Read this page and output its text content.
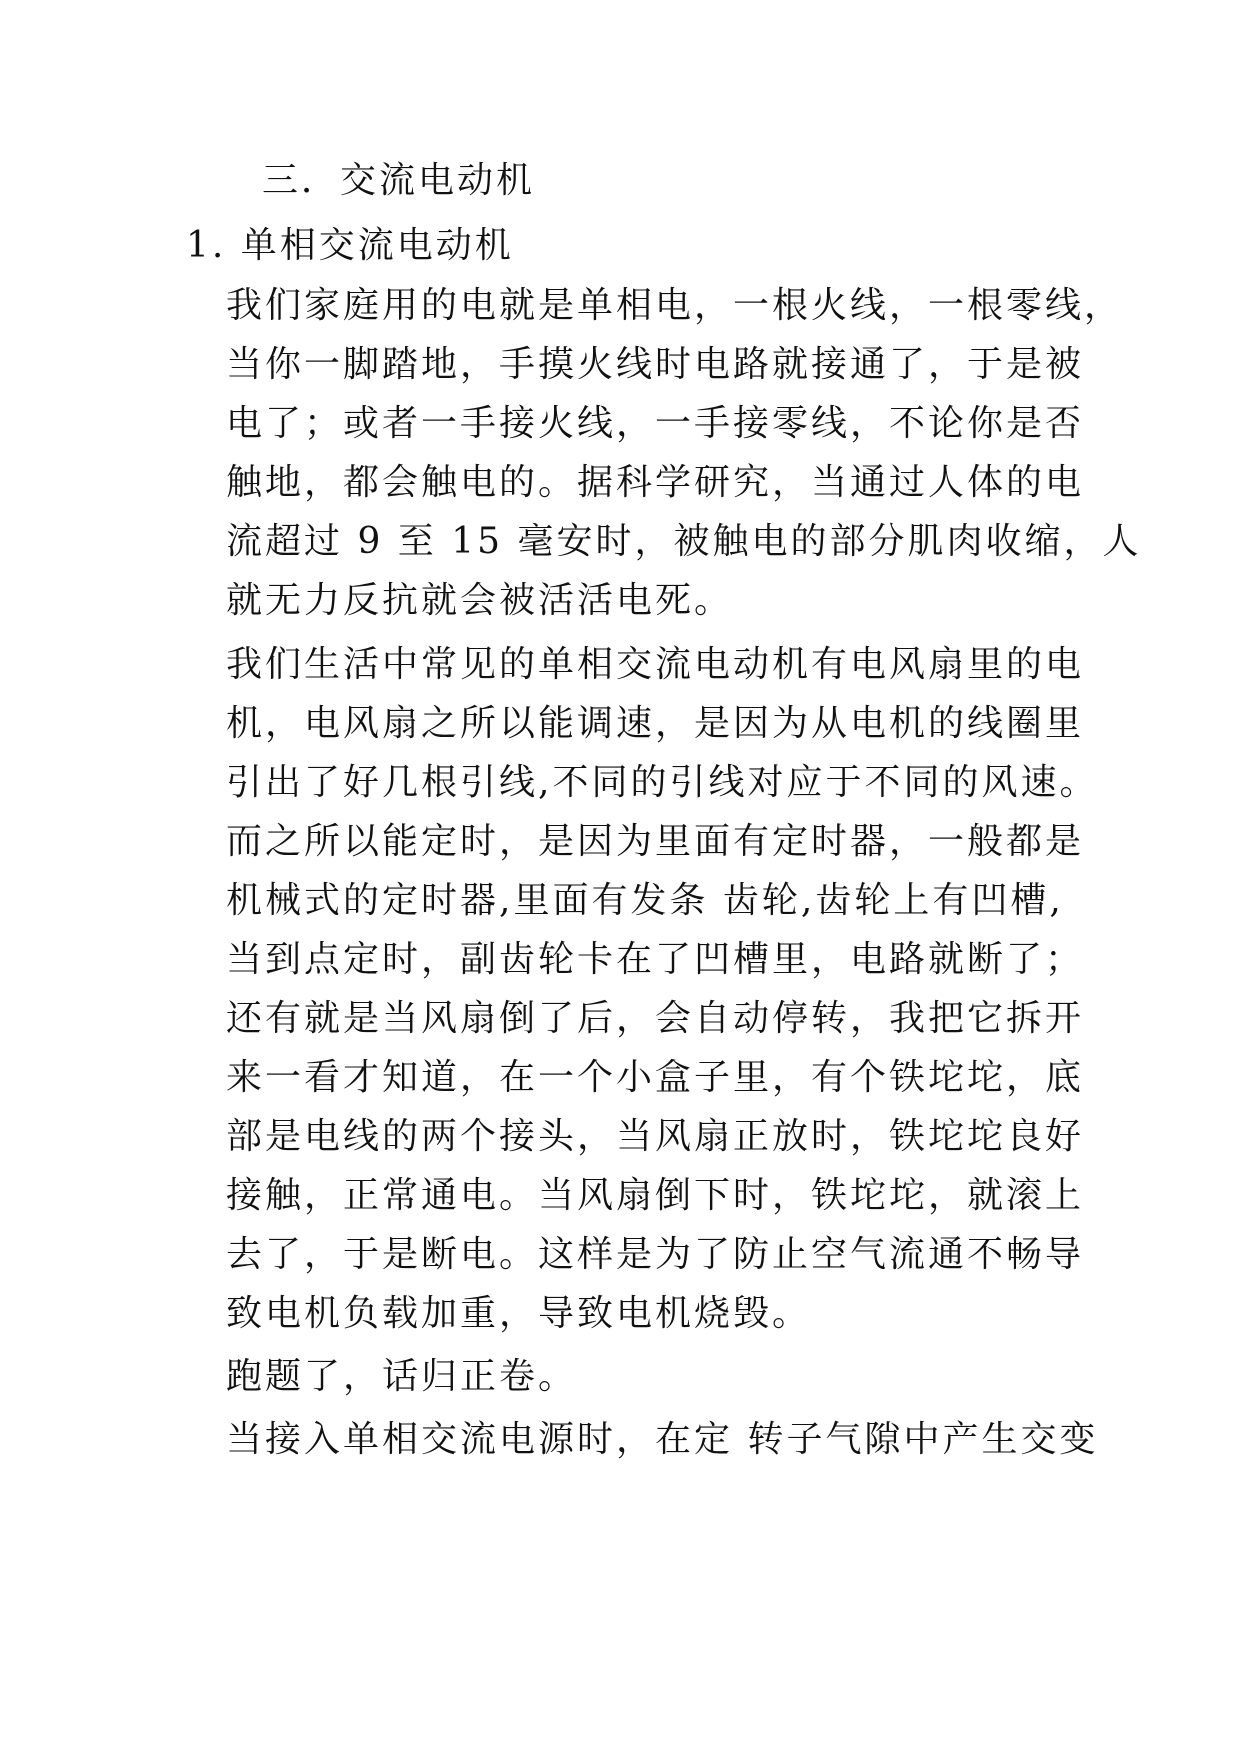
三．交流电动机
1. 单相交流电动机
我们家庭用的电就是单相电，一根火线，一根零线，
当你一脚踏地，手摸火线时电路就接通了，于是被
电了；或者一手接火线，一手接零线，不论你是否
触地，都会触电的。据科学研究，当通过人体的电
流超过 9 至 15 毫安时，被触电的部分肌肉收缩，人
就无力反抗就会被活活电死。
我们生活中常见的单相交流电动机有电风扇里的电
机，电风扇之所以能调速，是因为从电机的线圈里
引出了好几根引线,不同的引线对应于不同的风速。
而之所以能定时，是因为里面有定时器，一般都是
机械式的定时器,里面有发条 齿轮,齿轮上有凹槽,
当到点定时，副齿轮卡在了凹槽里，电路就断了；
还有就是当风扇倒了后，会自动停转，我把它拆开
来一看才知道，在一个小盒子里，有个铁坨坨，底
部是电线的两个接头，当风扇正放时，铁坨坨良好
接触，正常通电。当风扇倒下时，铁坨坨，就滚上
去了，于是断电。这样是为了防止空气流通不畅导
致电机负载加重，导致电机烧毁。
跑题了，话归正卷。
当接入单相交流电源时，在定 转子气隙中产生交变
